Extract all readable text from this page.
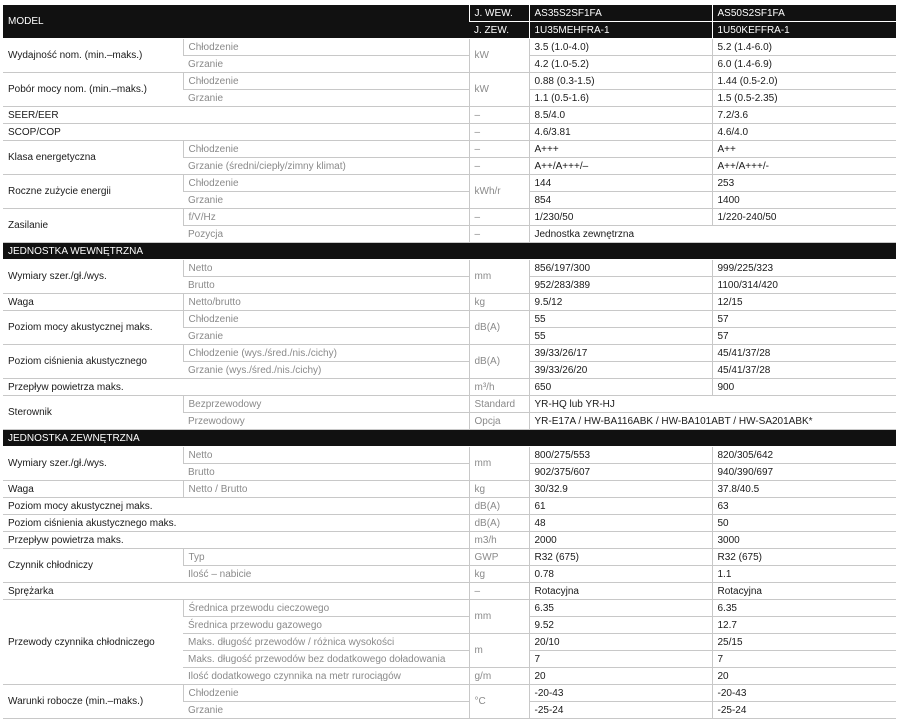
MODEL		J. WEW.	AS35S2SF1FA	AS50S2SF1FA
		J. ZEW.	1U35MEHFRA-1	1U50KEFFRA-1
Wydajność nom. (min.–maks.)	Chłodzenie	kW	3.5 (1.0-4.0)	5.2 (1.4-6.0)
	Grzanie		4.2 (1.0-5.2)	6.0 (1.4-6.9)
Pobór mocy nom. (min.–maks.)	Chłodzenie	kW	0.88 (0.3-1.5)	1.44 (0.5-2.0)
	Grzanie		1.1 (0.5-1.6)	1.5 (0.5-2.35)
SEER/EER		–	8.5/4.0	7.2/3.6
SCOP/COP		–	4.6/3.81	4.6/4.0
Klasa energetyczna	Chłodzenie	–	A+++	A++
	Grzanie (średni/ciepły/zimny klimat)	–	A++/A+++/–	A++/A+++/-
Roczne zużycie energii	Chłodzenie	kWh/r	144	253
	Grzanie		854	1400
Zasilanie	f/V/Hz	–	1/230/50	1/220-240/50
	Pozycja	–	Jednostka zewnętrzna	
JEDNOSTKA WEWNĘTRZNA				
Wymiary szer./gł./wys.	Netto	mm	856/197/300	999/225/323
	Brutto		952/283/389	1100/314/420
Waga	Netto/brutto	kg	9.5/12	12/15
Poziom mocy akustycznej maks.	Chłodzenie	dB(A)	55	57
	Grzanie		55	57
Poziom ciśnienia akustycznego	Chłodzenie (wys./śred./nis./cichy)	dB(A)	39/33/26/17	45/41/37/28
	Grzanie (wys./śred./nis./cichy)		39/33/26/20	45/41/37/28
Przepływ powietrza maks.		m³/h	650	900
Sterownik	Bezprzewodowy	Standard	YR-HQ lub YR-HJ	
	Przewodowy	Opcja	YR-E17A / HW-BA116ABK / HW-BA101ABT / HW-SA201ABK*	
JEDNOSTKA ZEWNĘTRZNA				
Wymiary szer./gł./wys.	Netto	mm	800/275/553	820/305/642
	Brutto		902/375/607	940/390/697
Waga	Netto / Brutto	kg	30/32.9	37.8/40.5
Poziom mocy akustycznej maks.		dB(A)	61	63
Poziom ciśnienia akustycznego maks.		dB(A)	48	50
Przepływ powietrza maks.		m3/h	2000	3000
Czynnik chłodniczy	Typ	GWP	R32 (675)	R32 (675)
	Ilość – nabicie	kg	0.78	1.1
Sprężarka		–	Rotacyjna	Rotacyjna
Przewody czynnika chłodniczego	Średnica przewodu cieczowego	mm	6.35	6.35
	Średnica przewodu gazowego		9.52	12.7
	Maks. długość przewodów / różnica wysokości	m	20/10	25/15
	Maks. długość przewodów bez dodatkowego doładowania		7	7
	Ilość dodatkowego czynnika na metr rurociągów	g/m	20	20
Warunki robocze (min.–maks.)	Chłodzenie	°C	-20-43	-20-43
	Grzanie		-25-24	-25-24
